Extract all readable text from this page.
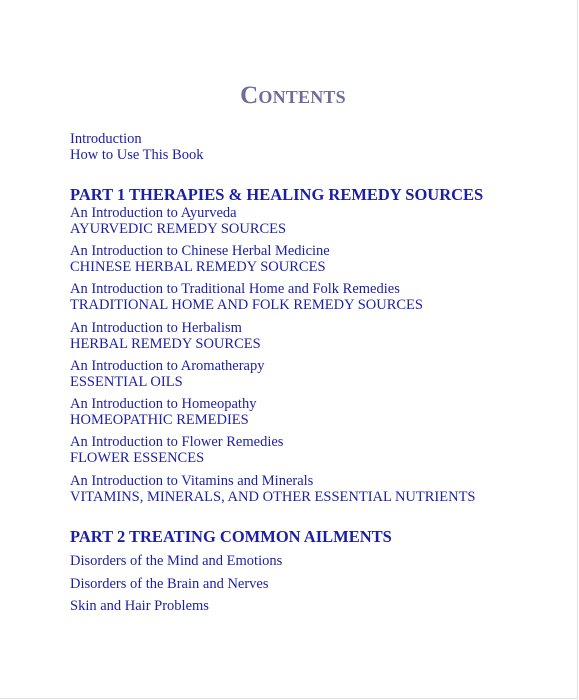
CONTENTS
Introduction
How to Use This Book
PART 1 THERAPIES & HEALING REMEDY SOURCES
An Introduction to Ayurveda
AYURVEDIC REMEDY SOURCES
An Introduction to Chinese Herbal Medicine
CHINESE HERBAL REMEDY SOURCES
An Introduction to Traditional Home and Folk Remedies
TRADITIONAL HOME AND FOLK REMEDY SOURCES
An Introduction to Herbalism
HERBAL REMEDY SOURCES
An Introduction to Aromatherapy
ESSENTIAL OILS
An Introduction to Homeopathy
HOMEOPATHIC REMEDIES
An Introduction to Flower Remedies
FLOWER ESSENCES
An Introduction to Vitamins and Minerals
VITAMINS, MINERALS, AND OTHER ESSENTIAL NUTRIENTS
PART 2 TREATING COMMON AILMENTS
Disorders of the Mind and Emotions
Disorders of the Brain and Nerves
Skin and Hair Problems
